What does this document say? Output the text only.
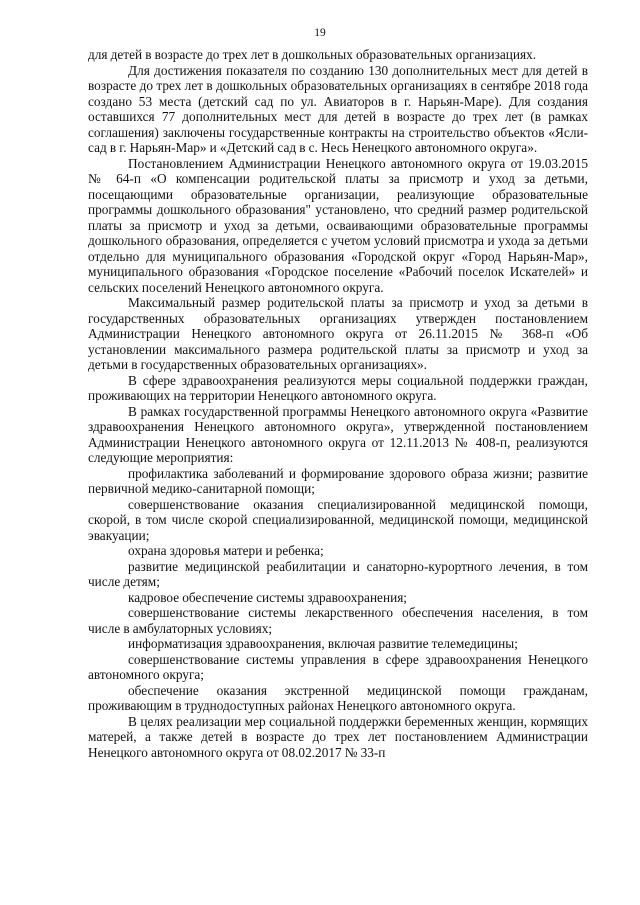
19

для детей в возрасте до трех лет в дошкольных образовательных организациях.

Для достижения показателя по созданию 130 дополнительных мест для детей в возрасте до трех лет в дошкольных образовательных организациях в сентябре 2018 года создано 53 места (детский сад по ул. Авиаторов в г. Нарьян-Маре). Для создания оставшихся 77 дополнительных мест для детей в возрасте до трех лет (в рамках соглашения) заключены государственные контракты на строительство объектов «Ясли-сад в г. Нарьян-Мар» и «Детский сад в с. Несь Ненецкого автономного округа».

Постановлением Администрации Ненецкого автономного округа от 19.03.2015 № 64-п «О компенсации родительской платы за присмотр и уход за детьми, посещающими образовательные организации, реализующие образовательные программы дошкольного образования" установлено, что средний размер родительской платы за присмотр и уход за детьми, осваивающими образовательные программы дошкольного образования, определяется с учетом условий присмотра и ухода за детьми отдельно для муниципального образования «Городской округ «Город Нарьян-Мар», муниципального образования «Городское поселение «Рабочий поселок Искателей» и сельских поселений Ненецкого автономного округа.

Максимальный размер родительской платы за присмотр и уход за детьми в государственных образовательных организациях утвержден постановлением Администрации Ненецкого автономного округа от 26.11.2015 № 368-п «Об установлении максимального размера родительской платы за присмотр и уход за детьми в государственных образовательных организациях».

В сфере здравоохранения реализуются меры социальной поддержки граждан, проживающих на территории Ненецкого автономного округа.

В рамках государственной программы Ненецкого автономного округа «Развитие здравоохранения Ненецкого автономного округа», утвержденной постановлением Администрации Ненецкого автономного округа от 12.11.2013 № 408-п, реализуются следующие мероприятия:

профилактика заболеваний и формирование здорового образа жизни; развитие первичной медико-санитарной помощи;

совершенствование оказания специализированной медицинской помощи, скорой, в том числе скорой специализированной, медицинской помощи, медицинской эвакуации;

охрана здоровья матери и ребенка;

развитие медицинской реабилитации и санаторно-курортного лечения, в том числе детям;

кадровое обеспечение системы здравоохранения;

совершенствование системы лекарственного обеспечения населения, в том числе в амбулаторных условиях;

информатизация здравоохранения, включая развитие телемедицины;

совершенствование системы управления в сфере здравоохранения Ненецкого автономного округа;

обеспечение оказания экстренной медицинской помощи гражданам, проживающим в труднодоступных районах Ненецкого автономного округа.

В целях реализации мер социальной поддержки беременных женщин, кормящих матерей, а также детей в возрасте до трех лет постановлением Администрации Ненецкого автономного округа от 08.02.2017 № 33-п
